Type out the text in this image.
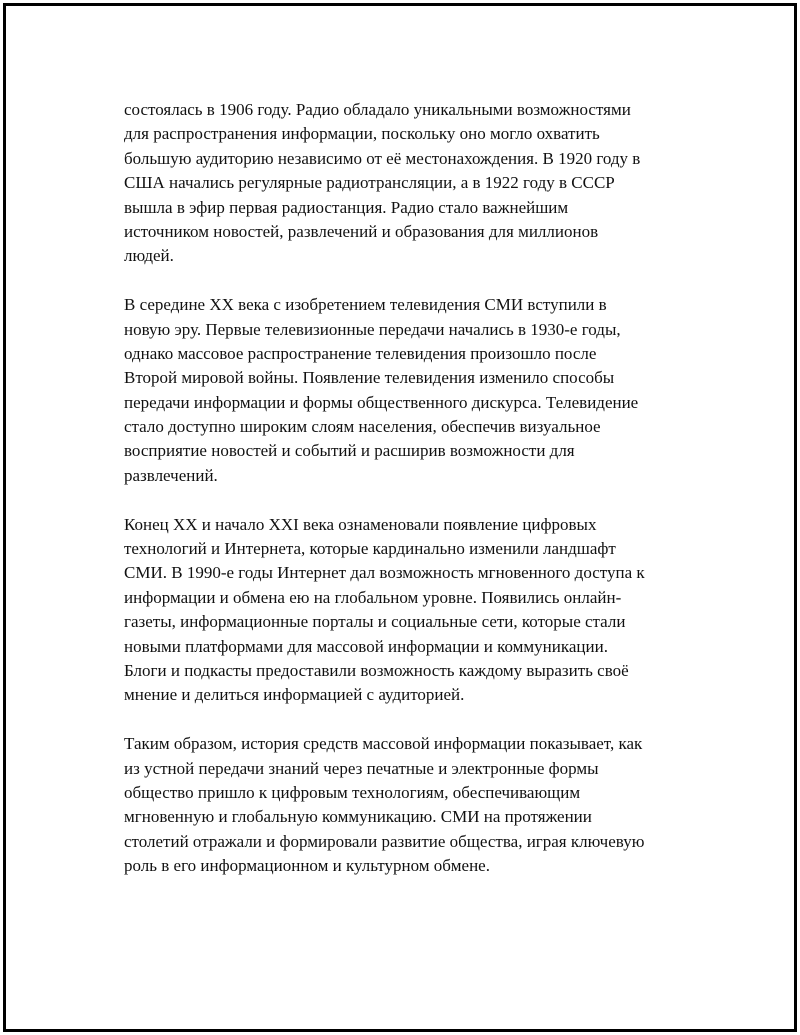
состоялась в 1906 году. Радио обладало уникальными возможностями
для распространения информации, поскольку оно могло охватить
большую аудиторию независимо от её местонахождения. В 1920 году в
США начались регулярные радиотрансляции, а в 1922 году в СССР
вышла в эфир первая радиостанция. Радио стало важнейшим
источником новостей, развлечений и образования для миллионов
людей.
В середине XX века с изобретением телевидения СМИ вступили в
новую эру. Первые телевизионные передачи начались в 1930-е годы,
однако массовое распространение телевидения произошло после
Второй мировой войны. Появление телевидения изменило способы
передачи информации и формы общественного дискурса. Телевидение
стало доступно широким слоям населения, обеспечив визуальное
восприятие новостей и событий и расширив возможности для
развлечений.
Конец XX и начало XXI века ознаменовали появление цифровых
технологий и Интернета, которые кардинально изменили ландшафт
СМИ. В 1990-е годы Интернет дал возможность мгновенного доступа к
информации и обмена ею на глобальном уровне. Появились онлайн-
газеты, информационные порталы и социальные сети, которые стали
новыми платформами для массовой информации и коммуникации.
Блоги и подкасты предоставили возможность каждому выразить своё
мнение и делиться информацией с аудиторией.
Таким образом, история средств массовой информации показывает, как
из устной передачи знаний через печатные и электронные формы
общество пришло к цифровым технологиям, обеспечивающим
мгновенную и глобальную коммуникацию. СМИ на протяжении
столетий отражали и формировали развитие общества, играя ключевую
роль в его информационном и культурном обмене.
